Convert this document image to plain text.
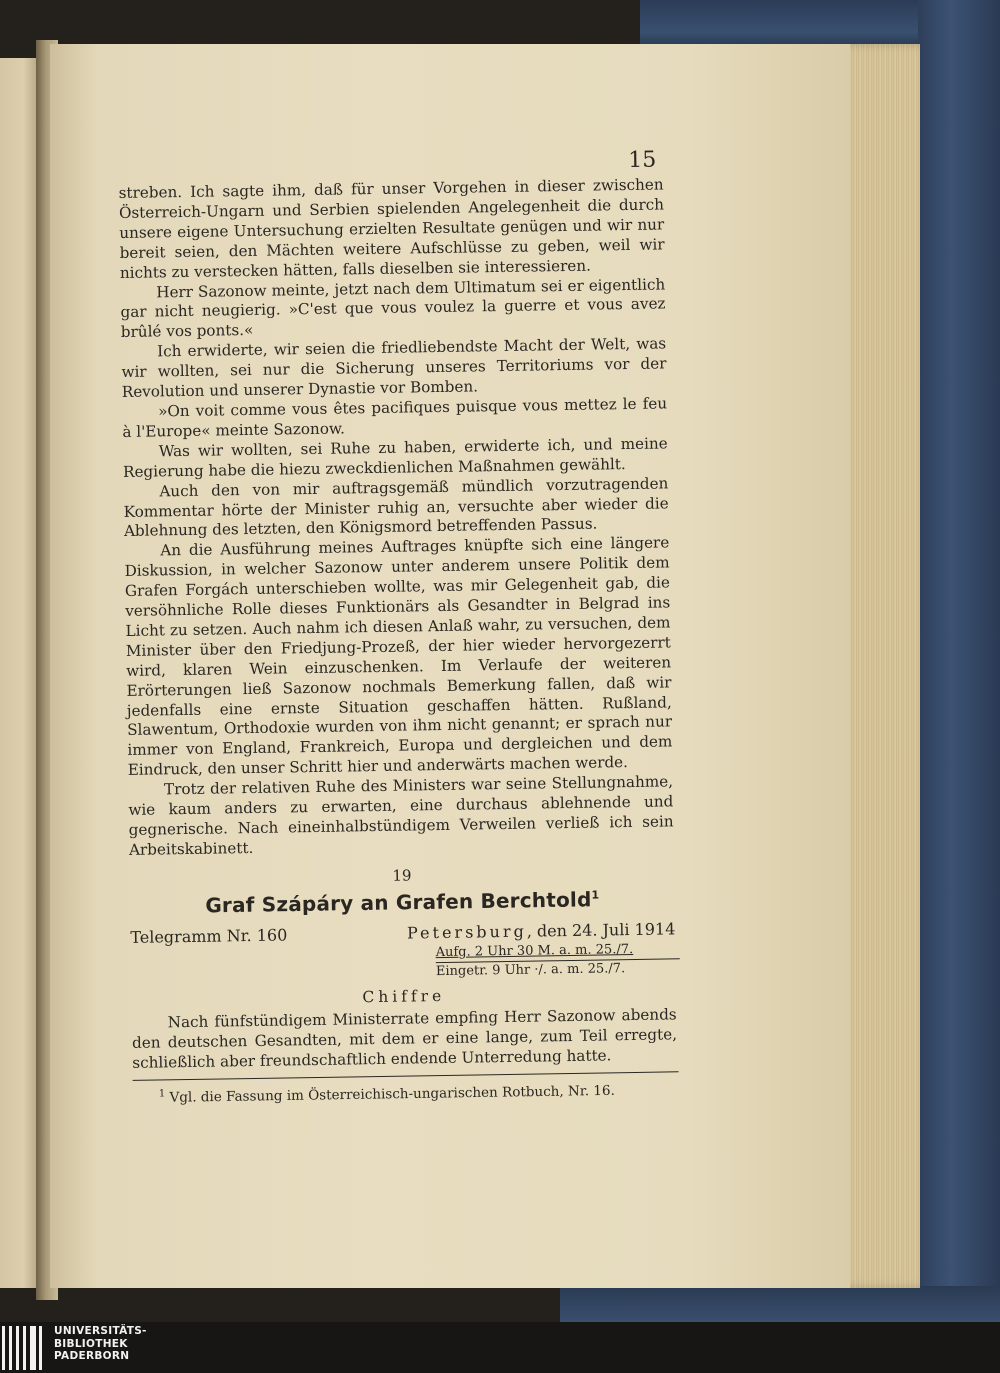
15

streben. Ich sagte ihm, daß für unser Vorgehen in dieser zwischen Österreich-Ungarn und Serbien spielenden Angelegenheit die durch unsere eigene Untersuchung erzielten Resultate genügen und wir nur bereit seien, den Mächten weitere Aufschlüsse zu geben, weil wir nichts zu verstecken hätten, falls dieselben sie interessieren.

Herr Sazonow meinte, jetzt nach dem Ultimatum sei er eigentlich gar nicht neugierig. »C'est que vous voulez la guerre et vous avez brûlé vos ponts.«

Ich erwiderte, wir seien die friedliebendste Macht der Welt, was wir wollten, sei nur die Sicherung unseres Territoriums vor der Revolution und unserer Dynastie vor Bomben.

»On voit comme vous êtes pacifiques puisque vous mettez le feu à l'Europe« meinte Sazonow.

Was wir wollten, sei Ruhe zu haben, erwiderte ich, und meine Regierung habe die hiezu zweckdienlichen Maßnahmen gewählt.

Auch den von mir auftragsgemäß mündlich vorzutragenden Kommentar hörte der Minister ruhig an, versuchte aber wieder die Ablehnung des letzten, den Königsmord betreffenden Passus.

An die Ausführung meines Auftrages knüpfte sich eine längere Diskussion, in welcher Sazonow unter anderem unsere Politik dem Grafen Forgách unterschieben wollte, was mir Gelegenheit gab, die versöhnliche Rolle dieses Funktionärs als Gesandter in Belgrad ins Licht zu setzen. Auch nahm ich diesen Anlaß wahr, zu versuchen, dem Minister über den Friedjung-Prozeß, der hier wieder hervorgezerrt wird, klaren Wein einzuschenken. Im Verlaufe der weiteren Erörterungen ließ Sazonow nochmals Bemerkung fallen, daß wir jedenfalls eine ernste Situation geschaffen hätten. Rußland, Slawentum, Orthodoxie wurden von ihm nicht genannt; er sprach nur immer von England, Frankreich, Europa und dergleichen und dem Eindruck, den unser Schritt hier und anderwärts machen werde.

Trotz der relativen Ruhe des Ministers war seine Stellungnahme, wie kaum anders zu erwarten, eine durchaus ablehnende und gegnerische. Nach eineinhalbstündigem Verweilen verließ ich sein Arbeitskabinett.

19
Graf Szápáry an Grafen Berchtold$^1$
Telegramm Nr. 160	Petersburg, den 24. Juli 1914
Aufg. 2 Uhr 30 M. a. m. 25./7.
Eingetr. 9 Uhr ·/. a. m. 25./7.
Chiffre

Nach fünfstündigem Ministerrate empfing Herr Sazonow abends den deutschen Gesandten, mit dem er eine lange, zum Teil erregte, schließlich aber freundschaftlich endende Unterredung hatte.

$^1$ Vgl. die Fassung im Österreichisch-ungarischen Rotbuch, Nr. 16.
UNIVERSITÄTS-
BIBLIOTHEK
PADERBORN
